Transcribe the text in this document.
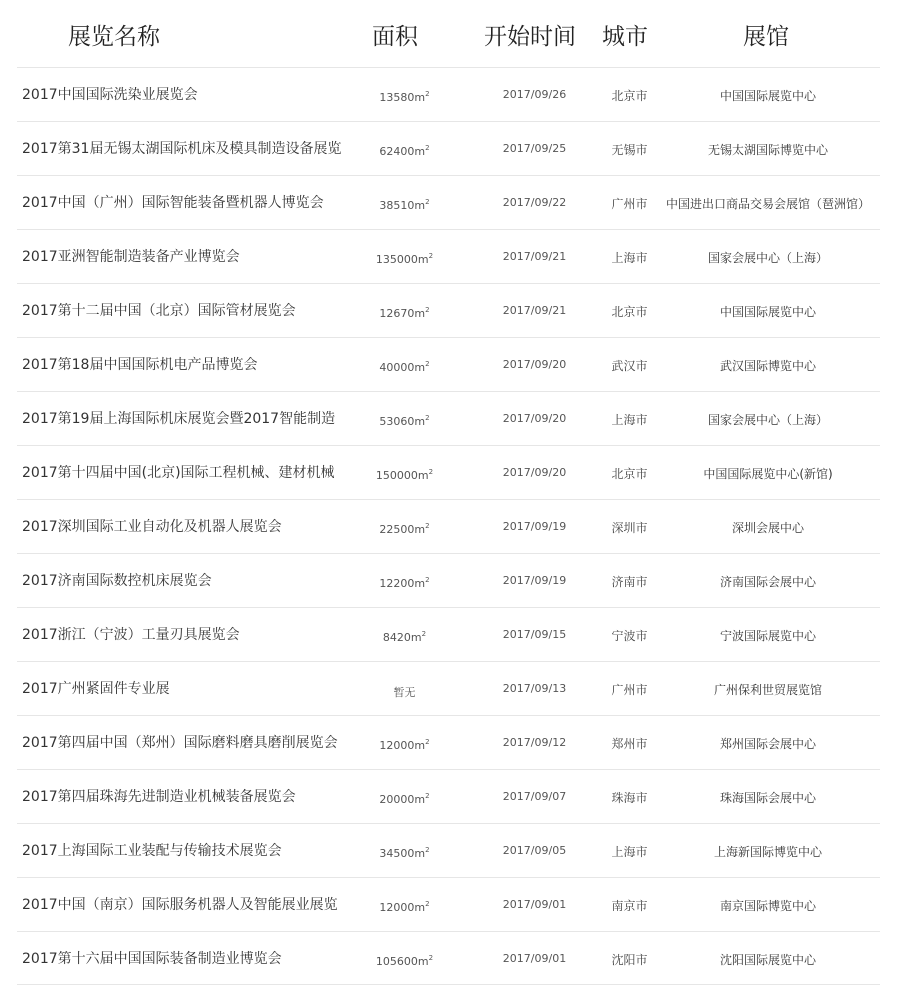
展览名称	面积	开始时间 城市	展馆
2017中国国际洗染业展览会	$13580m^2$	2017/09/26	北京市	中国国际展览中心
2017第31届无锡太湖国际机床及模具制造设备展览	$62400m^2$	2017/09/25	无锡市	无锡太湖国际博览中心
2017中国（广州）国际智能装备暨机器人博览会	$38510m^2$	2017/09/22	广州市	中国进出口商品交易会展馆（琶洲馆）
2017亚洲智能制造装备产业博览会	$135000m^2$	2017/09/21	上海市	国家会展中心（上海）
2017第十二届中国（北京）国际管材展览会	$12670m^2$	2017/09/21	北京市	中国国际展览中心
2017第18届中国国际机电产品博览会	$40000m^2$	2017/09/20	武汉市	武汉国际博览中心
2017第19届上海国际机床展览会暨2017智能制造	$53060m^2$	2017/09/20	上海市	国家会展中心（上海）
2017第十四届中国(北京)国际工程机械、建材机械	$150000m^2$	2017/09/20	北京市	中国国际展览中心(新馆)
2017深圳国际工业自动化及机器人展览会	$22500m^2$	2017/09/19	深圳市	深圳会展中心
2017济南国际数控机床展览会	$12200m^2$	2017/09/19	济南市	济南国际会展中心
2017浙江（宁波）工量刃具展览会	$8420m^2$	2017/09/15	宁波市	宁波国际展览中心
2017广州紧固件专业展	暂无	2017/09/13	广州市	广州保利世贸展览馆
2017第四届中国（郑州）国际磨料磨具磨削展览会	$12000m^2$	2017/09/12	郑州市	郑州国际会展中心
2017第四届珠海先进制造业机械装备展览会	$20000m^2$	2017/09/07	珠海市	珠海国际会展中心
2017上海国际工业装配与传输技术展览会	$34500m^2$	2017/09/05	上海市	上海新国际博览中心
2017中国（南京）国际服务机器人及智能展业展览	$12000m^2$	2017/09/01	南京市	南京国际博览中心
2017第十六届中国国际装备制造业博览会	$105600m^2$	2017/09/01	沈阳市	沈阳国际展览中心
